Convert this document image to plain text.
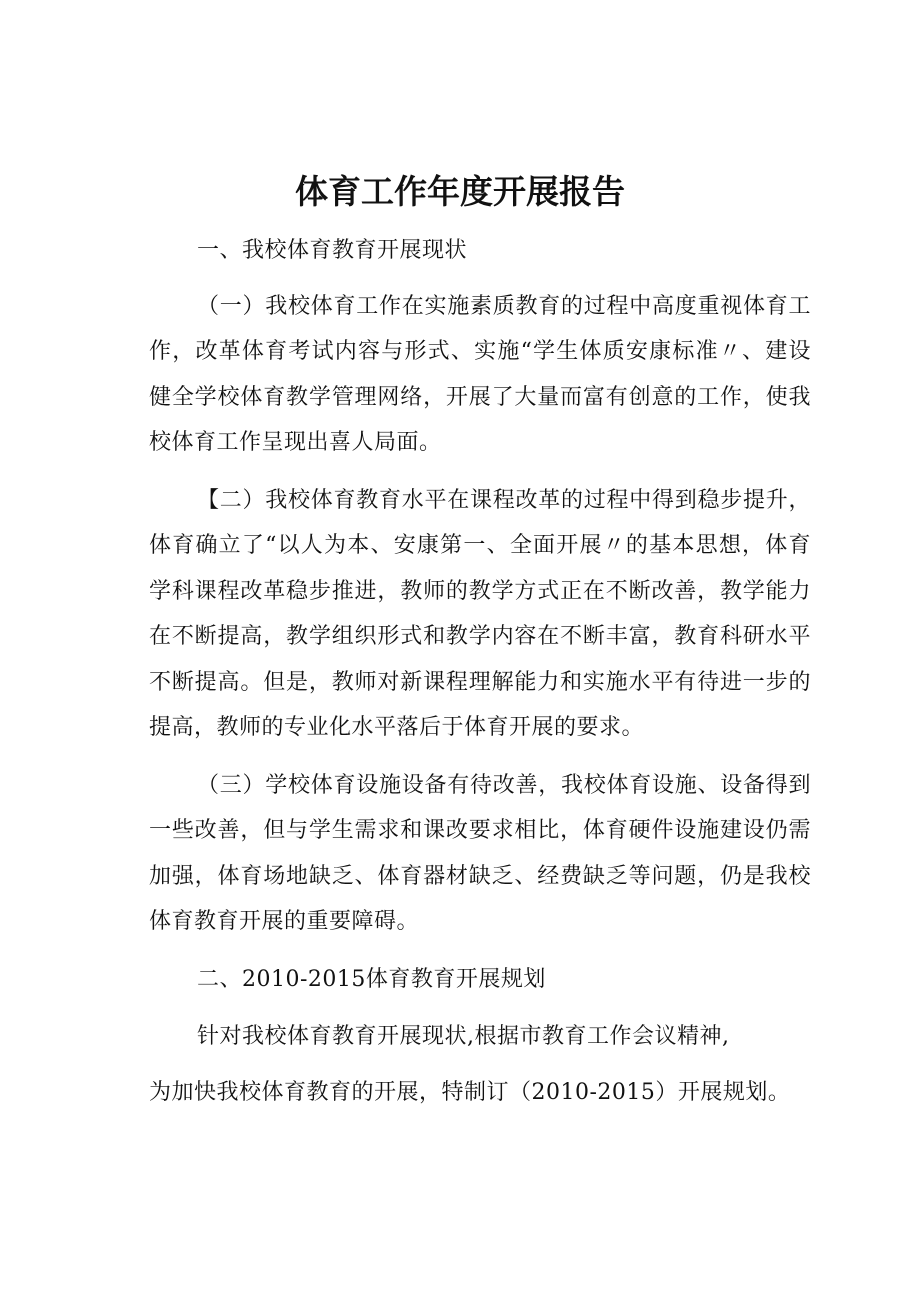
体育工作年度开展报告

一、我校体育教育开展现状

（一）我校体育工作在实施素质教育的过程中高度重视体育工作，改革体育考试内容与形式、实施“学生体质安康标准〃、建设健全学校体育教学管理网络，开展了大量而富有创意的工作，使我校体育工作呈现出喜人局面。

【二）我校体育教育水平在课程改革的过程中得到稳步提升，体育确立了“以人为本、安康第一、全面开展〃的基本思想，体育学科课程改革稳步推进，教师的教学方式正在不断改善，教学能力在不断提高，教学组织形式和教学内容在不断丰富，教育科研水平不断提高。但是，教师对新课程理解能力和实施水平有待进一步的提高，教师的专业化水平落后于体育开展的要求。

（三）学校体育设施设备有待改善，我校体育设施、设备得到一些改善，但与学生需求和课改要求相比，体育硬件设施建设仍需加强，体育场地缺乏、体育器材缺乏、经费缺乏等问题，仍是我校体育教育开展的重要障碍。

二、2010-2015体育教育开展规划

针对我校体育教育开展现状,根据市教育工作会议精神,

为加快我校体育教育的开展，特制订（2010-2015）开展规划。
